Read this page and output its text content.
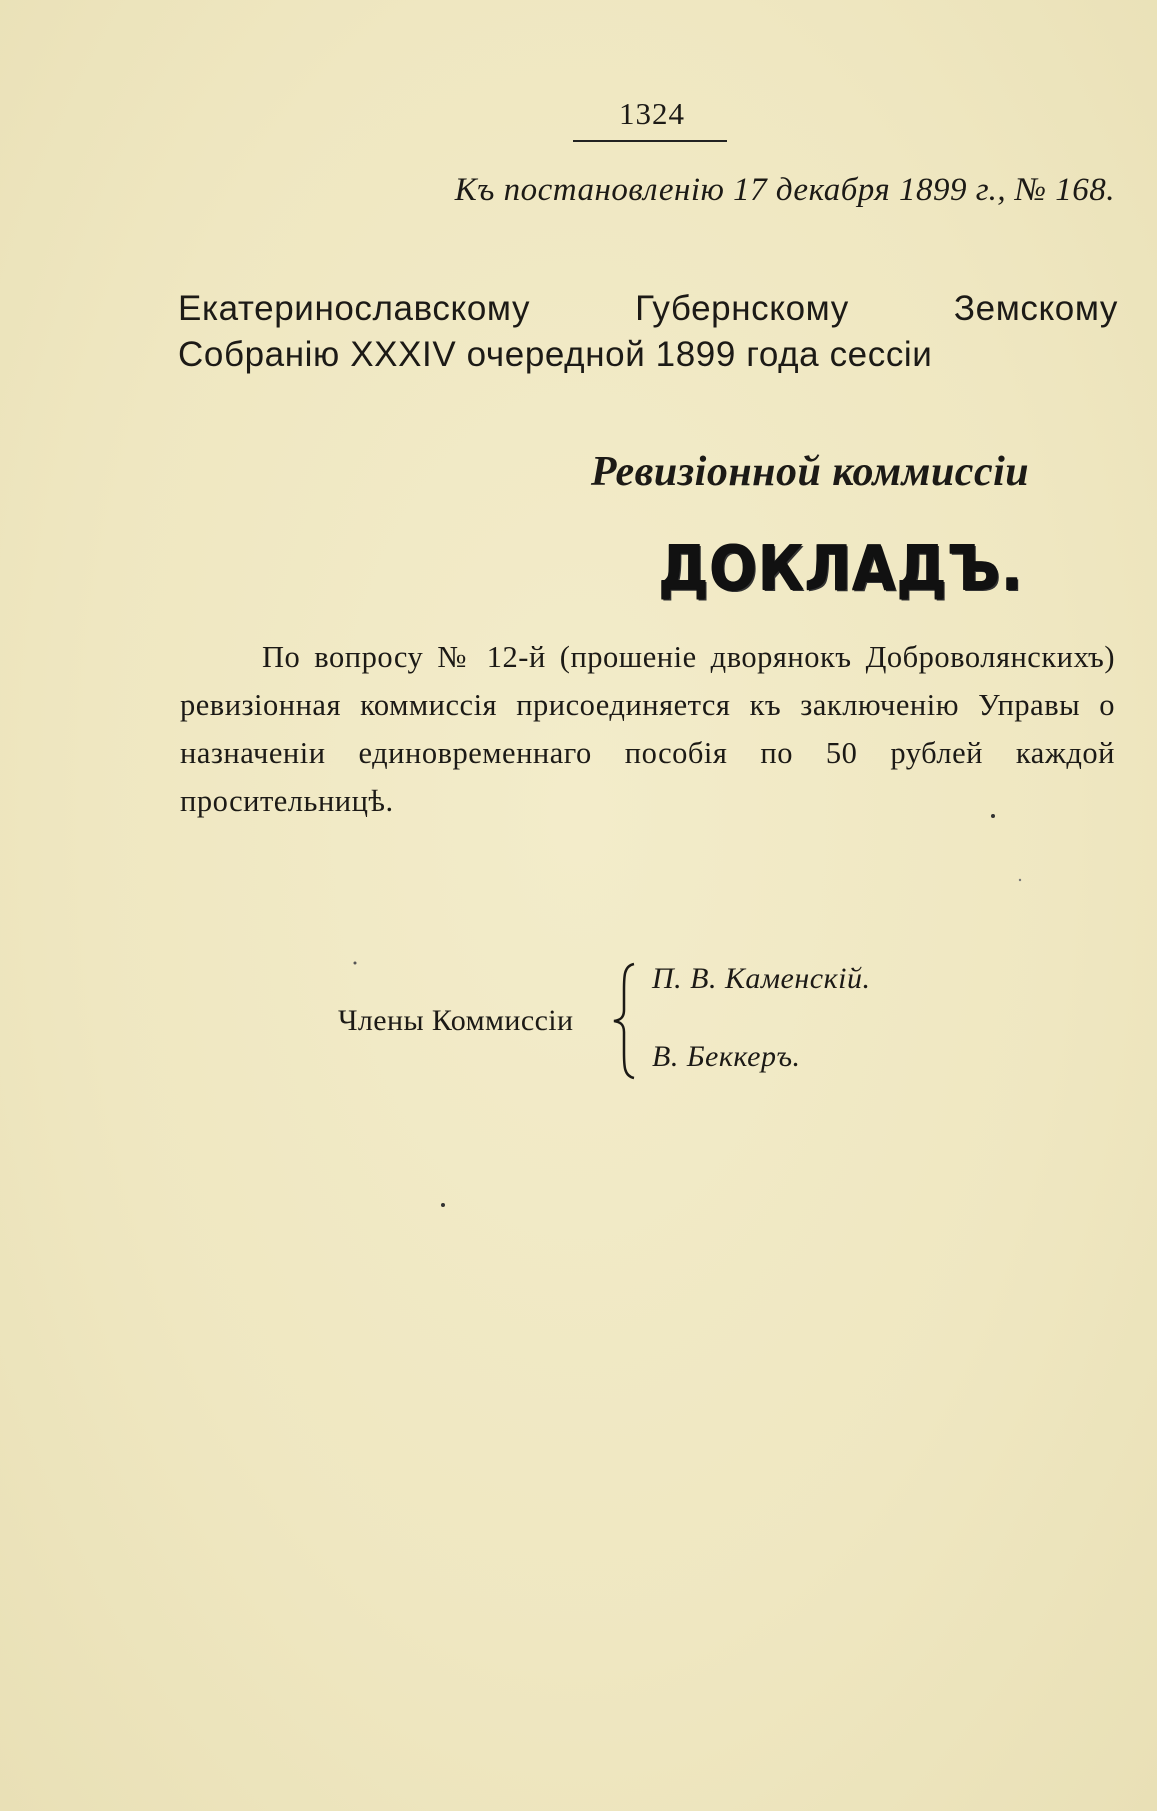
1324
Къ постановленію 17 декабря 1899 г., № 168.
Екатеринославскому Губернскому Земскому
Собранію XXXIV очередной 1899 года сессіи
Ревизіонной коммиссіи
ДОКЛАДЪ.

По вопросу № 12-й (прошеніе дворянокъ Доброволянскихъ) ревизіонная коммиссія присоединяется къ заключенію Управы о назначеніи единовременнаго пособія по 50 рублей каждой просительницѣ.

Члены Коммиссіи
П. В. Каменскій.
В. Беккеръ.
